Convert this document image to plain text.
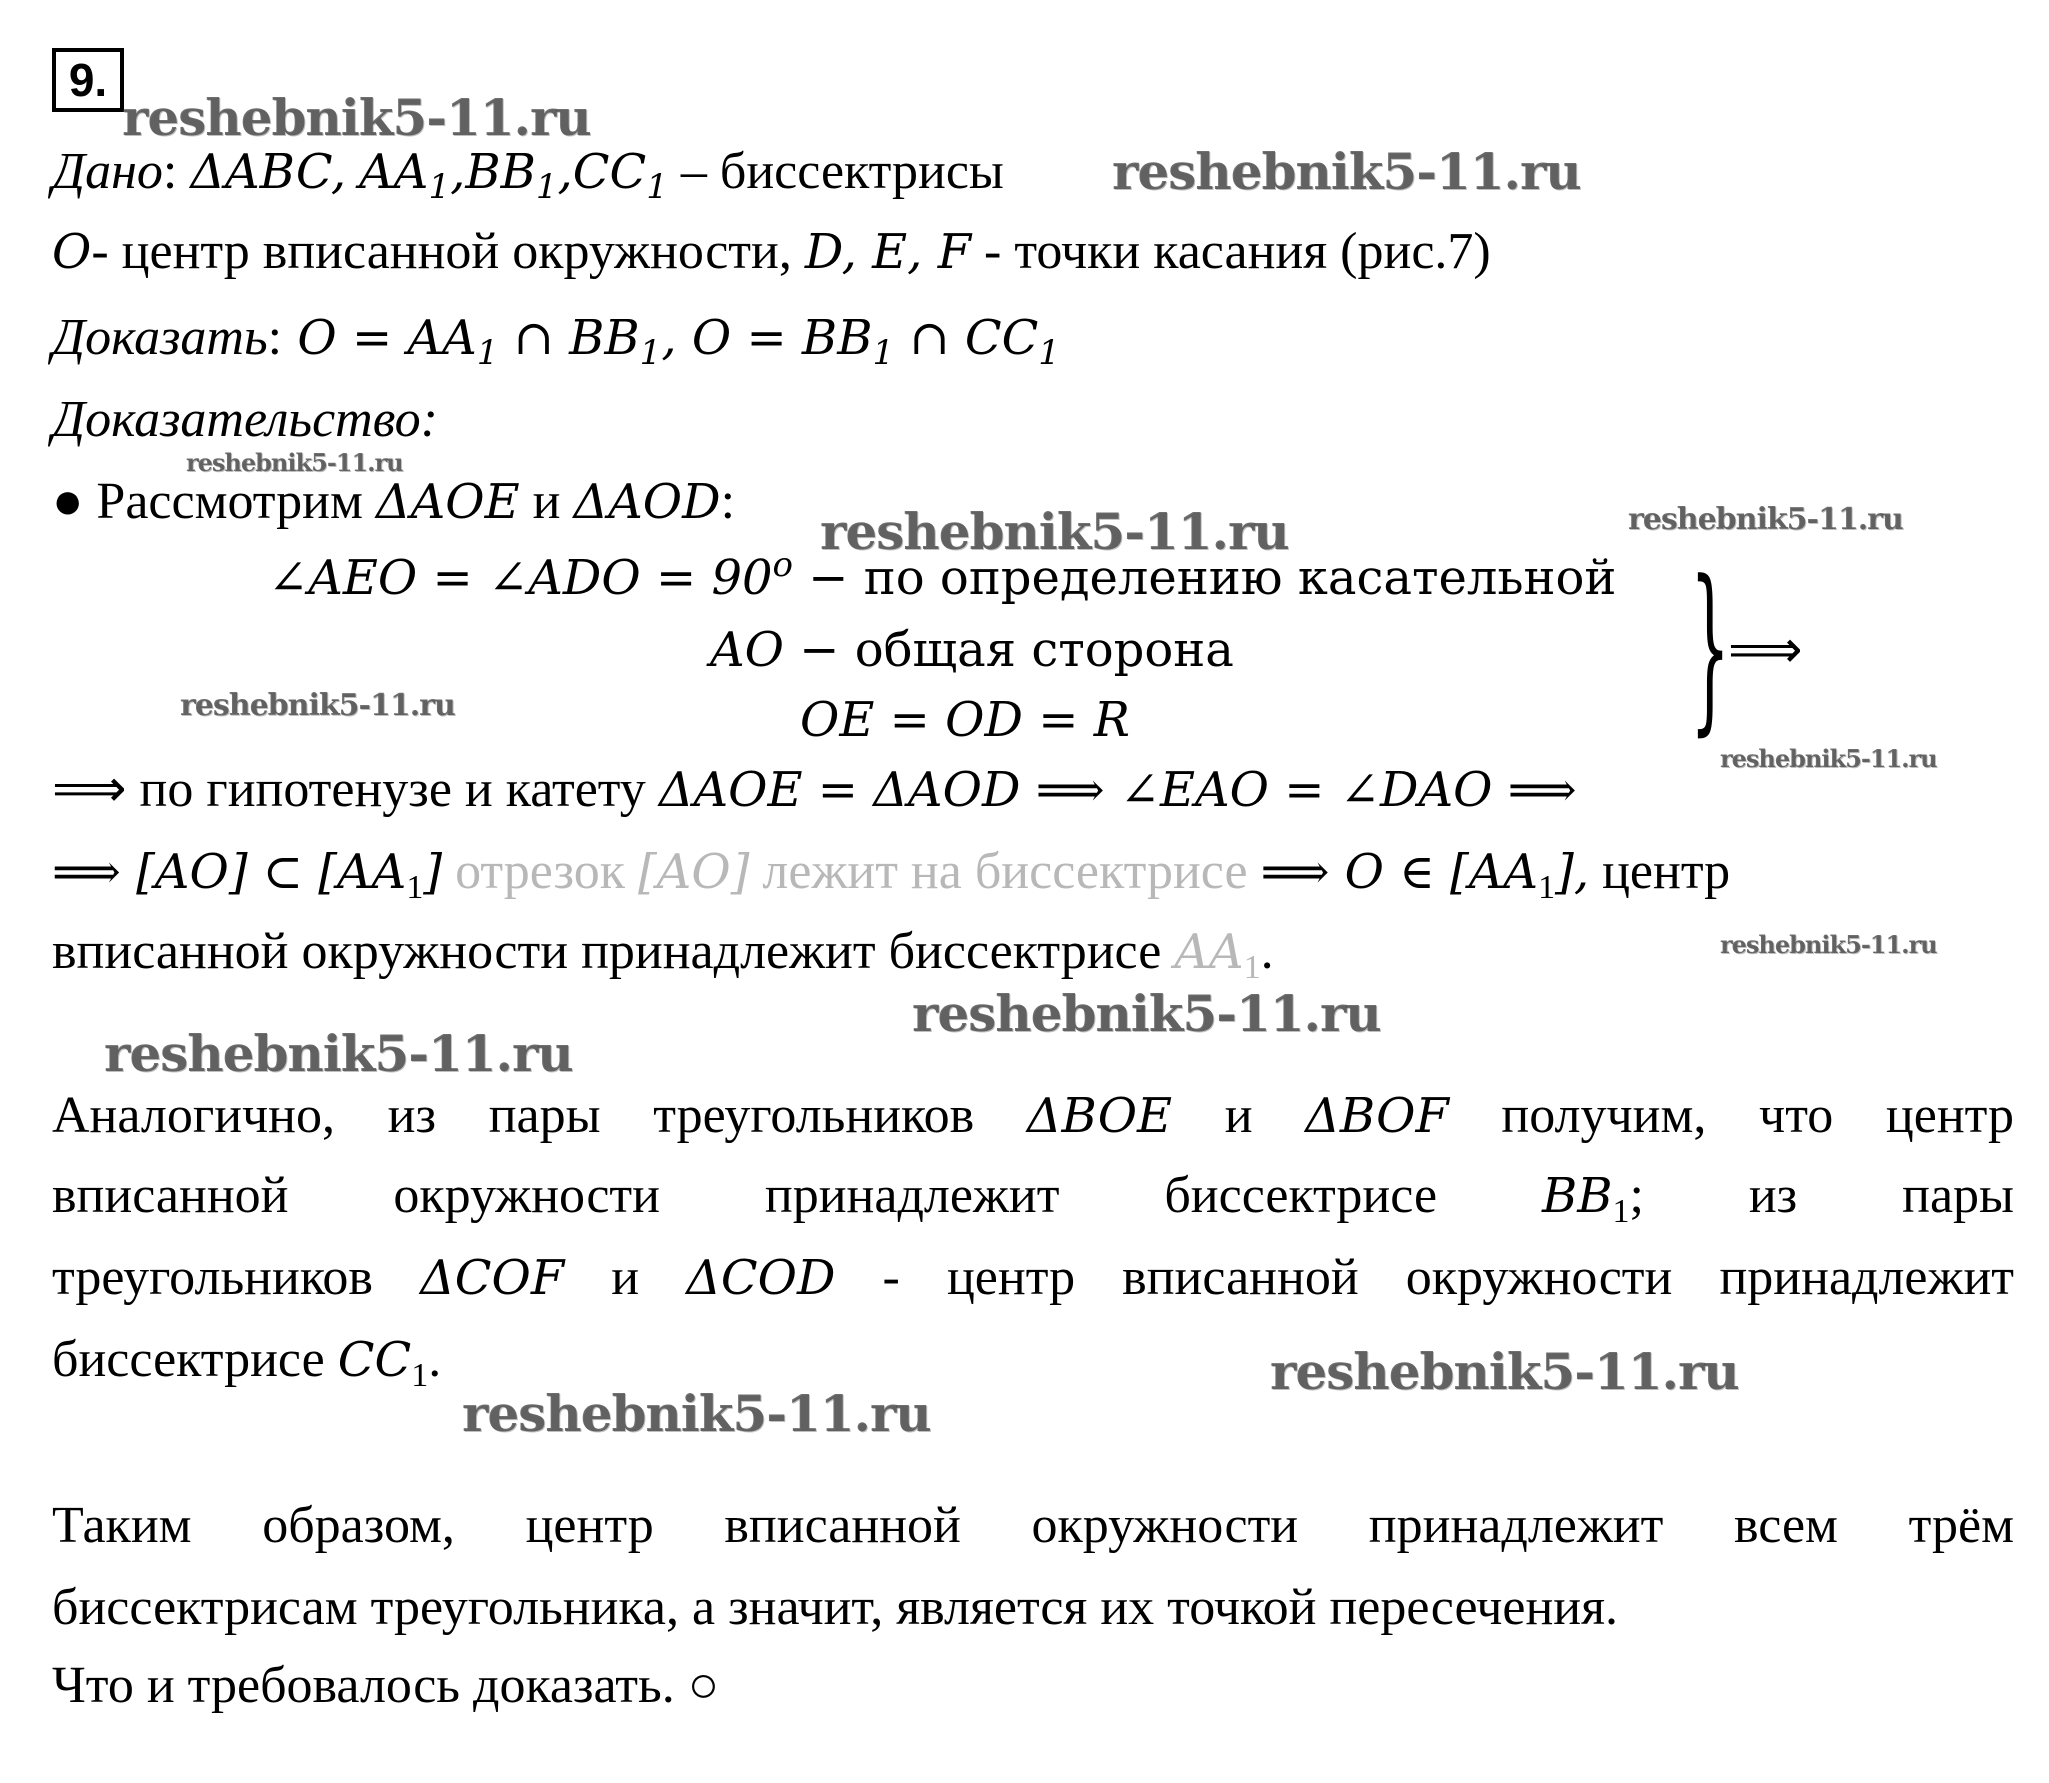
9.
Дано: ΔABC, $AA_1,BB_1,CC_1$ – биссектрисы
O- центр вписанной окружности, D, E, F - точки касания (рис.7)
Доказать: $O = AA_1$ ∩ $BB_1$, $O = BB_1$ ∩ $CC_1$
Доказательство:
● Рассмотрим ΔAOE и ΔAOD:
∠AEO = ∠ADO = $90^o$ − по определению касательной
AO − общая сторона
OE = OD = R	}
⟹
⟹ по гипотенузе и катету ΔAOE = ΔAOD ⟹ ∠EAO = ∠DAO ⟹
⟹ [AO] ⊂ $[AA_1]$ отрезок [AO] лежит на биссектрисе ⟹ O ∈ $[AA_1]$, центр
вписанной окружности принадлежит биссектрисе $AA_1$.
Аналогично, из пары треугольников ΔBOE и ΔBOF получим, что центр
вписанной окружности принадлежит биссектрисе $BB_1$; из пары
треугольников ΔCOF и ΔCOD - центр вписанной окружности принадлежит
биссектрисе $CC_1$.
Таким образом, центр вписанной окружности принадлежит всем трём
биссектрисам треугольника, а значит, является их точкой пересечения.
Что и требовалось доказать. ○
reshebnik5-11.ru
reshebnik5-11.ru
reshebnik5-11.ru
reshebnik5-11.ru	reshebnik5-11.ru
reshebnik5-11.ru
reshebnik5-11.ru
reshebnik5-11.ru
reshebnik5-11.ru
reshebnik5-11.ru
reshebnik5-11.ru
reshebnik5-11.ru
